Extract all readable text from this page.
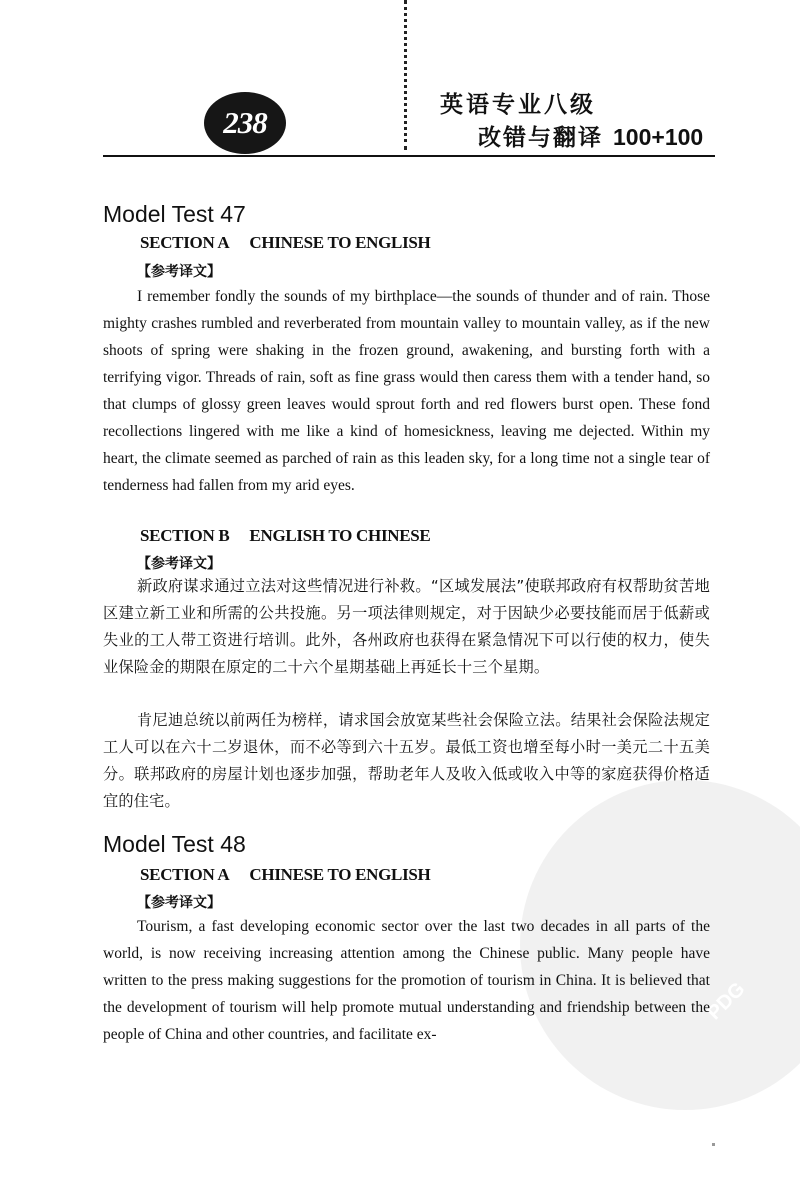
238	英语专业八级
改错与翻译 100+100
PDG
Model Test 47
SECTION A CHINESE TO ENGLISH
【参考译文】

I remember fondly the sounds of my birthplace—the sounds of thunder and of rain. Those mighty crashes rumbled and reverberated from mountain valley to mountain valley, as if the new shoots of spring were shaking in the frozen ground, awakening, and bursting forth with a terrifying vigor. Threads of rain, soft as fine grass would then caress them with a tender hand, so that clumps of glossy green leaves would sprout forth and red flowers burst open. These fond recollections lingered with me like a kind of homesickness, leaving me dejected. Within my heart, the climate seemed as parched of rain as this leaden sky, for a long time not a single tear of tenderness had fallen from my arid eyes.

SECTION B ENGLISH TO CHINESE
【参考译文】

新政府谋求通过立法对这些情况进行补救。“区域发展法”使联邦政府有权帮助贫苦地区建立新工业和所需的公共投施。另一项法律则规定，对于因缺少必要技能而居于低薪或失业的工人带工资进行培训。此外，各州政府也获得在紧急情况下可以行使的权力，使失业保险金的期限在原定的二十六个星期基础上再延长十三个星期。

肯尼迪总统以前两任为榜样，请求国会放宽某些社会保险立法。结果社会保险法规定工人可以在六十二岁退休，而不必等到六十五岁。最低工资也增至每小时一美元二十五美分。联邦政府的房屋计划也逐步加强，帮助老年人及收入低或收入中等的家庭获得价格适宜的住宅。

Model Test 48
SECTION A CHINESE TO ENGLISH
【参考译文】

Tourism, a fast developing economic sector over the last two decades in all parts of the world, is now receiving increasing attention among the Chinese public. Many people have written to the press making suggestions for the promotion of tourism in China. It is believed that the development of tourism will help promote mutual understanding and friendship between the people of China and other countries, and facilitate ex-
